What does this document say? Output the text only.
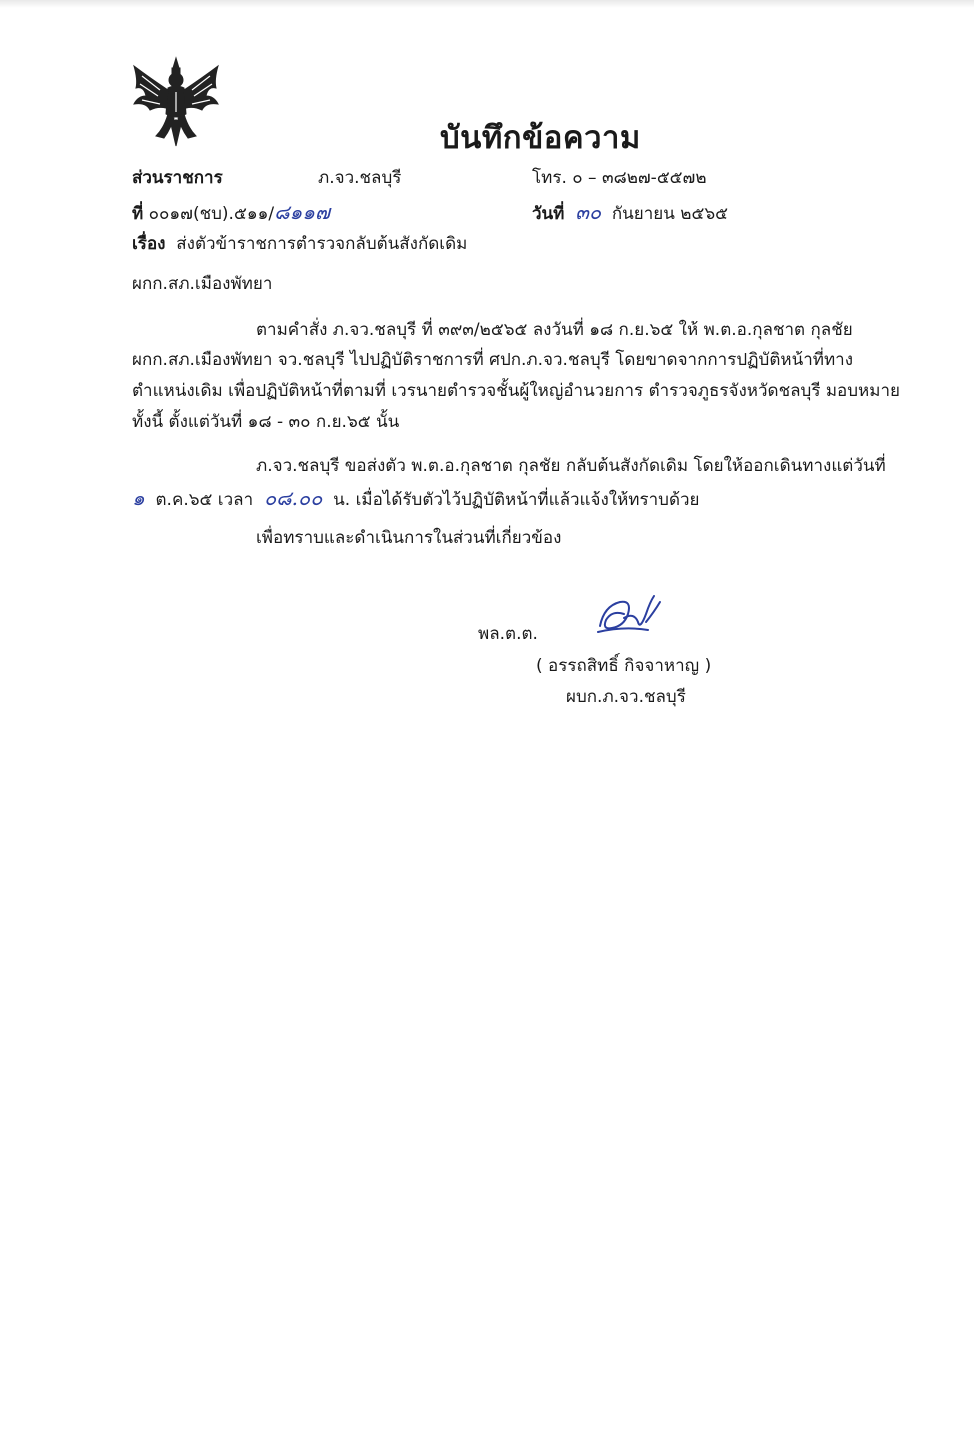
บันทึกข้อความ
ส่วนราชการ	ภ.จว.ชลบุรี	โทร. ๐ – ๓๘๒๗-๕๕๗๒
ที่ ๐๐๑๗(ชบ).๕๑๑/๘๑๑๗	วันที่ ๓๐ กันยายน ๒๕๖๕
เรื่อง ส่งตัวข้าราชการตำรวจกลับต้นสังกัดเดิม
ผกก.สภ.เมืองพัทยา
ตามคำสั่ง ภ.จว.ชลบุรี ที่ ๓๙๓/๒๕๖๕ ลงวันที่ ๑๘ ก.ย.๖๕ ให้ พ.ต.อ.กุลชาต กุลชัย
ผกก.สภ.เมืองพัทยา จว.ชลบุรี ไปปฏิบัติราชการที่ ศปก.ภ.จว.ชลบุรี โดยขาดจากการปฏิบัติหน้าที่ทาง
ตำแหน่งเดิม เพื่อปฏิบัติหน้าที่ตามที่ เวรนายตำรวจชั้นผู้ใหญ่อำนวยการ ตำรวจภูธรจังหวัดชลบุรี มอบหมาย
ทั้งนี้ ตั้งแต่วันที่ ๑๘ - ๓๐ ก.ย.๖๕ นั้น
ภ.จว.ชลบุรี ขอส่งตัว พ.ต.อ.กุลชาต กุลชัย กลับต้นสังกัดเดิม โดยให้ออกเดินทางแต่วันที่
๑ ต.ค.๖๕ เวลา ๐๘.๐๐ น. เมื่อได้รับตัวไว้ปฏิบัติหน้าที่แล้วแจ้งให้ทราบด้วย
เพื่อทราบและดำเนินการในส่วนที่เกี่ยวข้อง
พล.ต.ต.
( อรรถสิทธิ์ กิจจาหาญ )
ผบก.ภ.จว.ชลบุรี
